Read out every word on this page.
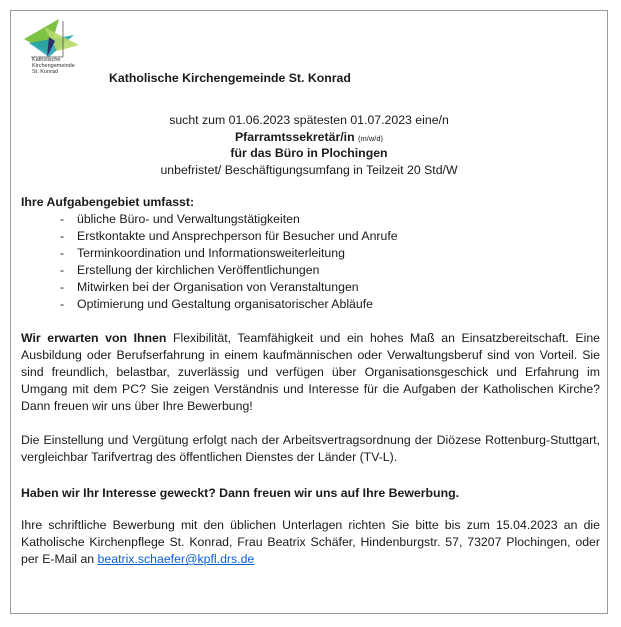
Katholische
Kirchengemeinde
St. Konrad	Katholische Kirchengemeinde St. Konrad
sucht zum 01.06.2023 spätesten 01.07.2023 eine/n
Pfarramtssekretär/in (m/w/d)
für das Büro in Plochingen
unbefristet/ Beschäftigungsumfang in Teilzeit 20 Std/W
Ihre Aufgabengebiet umfasst:
- übliche Büro- und Verwaltungstätigkeiten
- Erstkontakte und Ansprechperson für Besucher und Anrufe
- Terminkoordination und Informationsweiterleitung
- Erstellung der kirchlichen Veröffentlichungen
- Mitwirken bei der Organisation von Veranstaltungen
- Optimierung und Gestaltung organisatorischer Abläufe
Wir erwarten von Ihnen Flexibilität, Teamfähigkeit und ein hohes Maß an Einsatzbereitschaft. Eine Ausbildung oder Berufserfahrung in einem kaufmännischen oder Verwaltungsberuf sind von Vorteil. Sie sind freundlich, belastbar, zuverlässig und verfügen über Organisationsgeschick und Erfahrung im Umgang mit dem PC? Sie zeigen Verständnis und Interesse für die Aufgaben der Katholischen Kirche? Dann freuen wir uns über Ihre Bewerbung!
Die Einstellung und Vergütung erfolgt nach der Arbeitsvertragsordnung der Diözese Rottenburg-Stuttgart, vergleichbar Tarifvertrag des öffentlichen Dienstes der Länder (TV-L).
Haben wir Ihr Interesse geweckt? Dann freuen wir uns auf Ihre Bewerbung.
Ihre schriftliche Bewerbung mit den üblichen Unterlagen richten Sie bitte bis zum 15.04.2023 an die Katholische Kirchenpflege St. Konrad, Frau Beatrix Schäfer, Hindenburgstr. 57, 73207 Plochingen, oder per E-Mail an beatrix.schaefer@kpfl.drs.de
